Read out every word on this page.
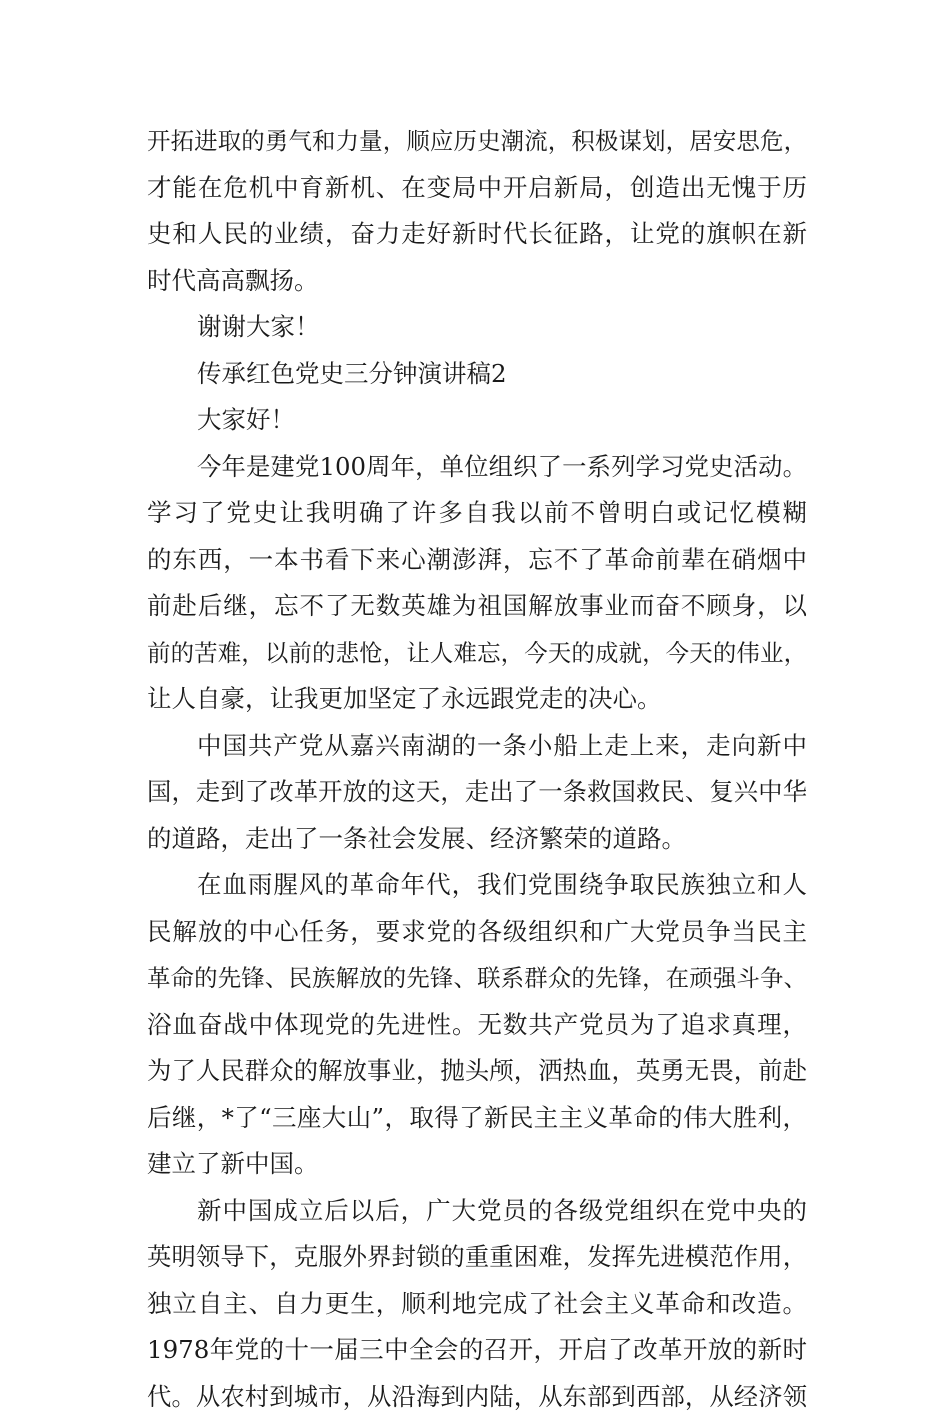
开拓进取的勇气和力量，顺应历史潮流，积极谋划，居安思危，
才能在危机中育新机、在变局中开启新局，创造出无愧于历
史和人民的业绩，奋力走好新时代长征路，让党的旗帜在新
时代高高飘扬。
谢谢大家！
传承红色党史三分钟演讲稿2
大家好！
今年是建党100周年，单位组织了一系列学习党史活动。
学习了党史让我明确了许多自我以前不曾明白或记忆模糊
的东西，一本书看下来心潮澎湃，忘不了革命前辈在硝烟中
前赴后继，忘不了无数英雄为祖国解放事业而奋不顾身，以
前的苦难，以前的悲怆，让人难忘，今天的成就，今天的伟业，
让人自豪，让我更加坚定了永远跟党走的决心。
中国共产党从嘉兴南湖的一条小船上走上来，走向新中
国，走到了改革开放的这天，走出了一条救国救民、复兴中华
的道路，走出了一条社会发展、经济繁荣的道路。
在血雨腥风的革命年代，我们党围绕争取民族独立和人
民解放的中心任务，要求党的各级组织和广大党员争当民主
革命的先锋、民族解放的先锋、联系群众的先锋，在顽强斗争、
浴血奋战中体现党的先进性。无数共产党员为了追求真理，
为了人民群众的解放事业，抛头颅，洒热血，英勇无畏，前赴
后继，*了“三座大山”，取得了新民主主义革命的伟大胜利，
建立了新中国。
新中国成立后以后，广大党员的各级党组织在党中央的
英明领导下，克服外界封锁的重重困难，发挥先进模范作用，
独立自主、自力更生，顺利地完成了社会主义革命和改造。
1978年党的十一届三中全会的召开，开启了改革开放的新时
代。从农村到城市，从沿海到内陆，从东部到西部，从经济领
